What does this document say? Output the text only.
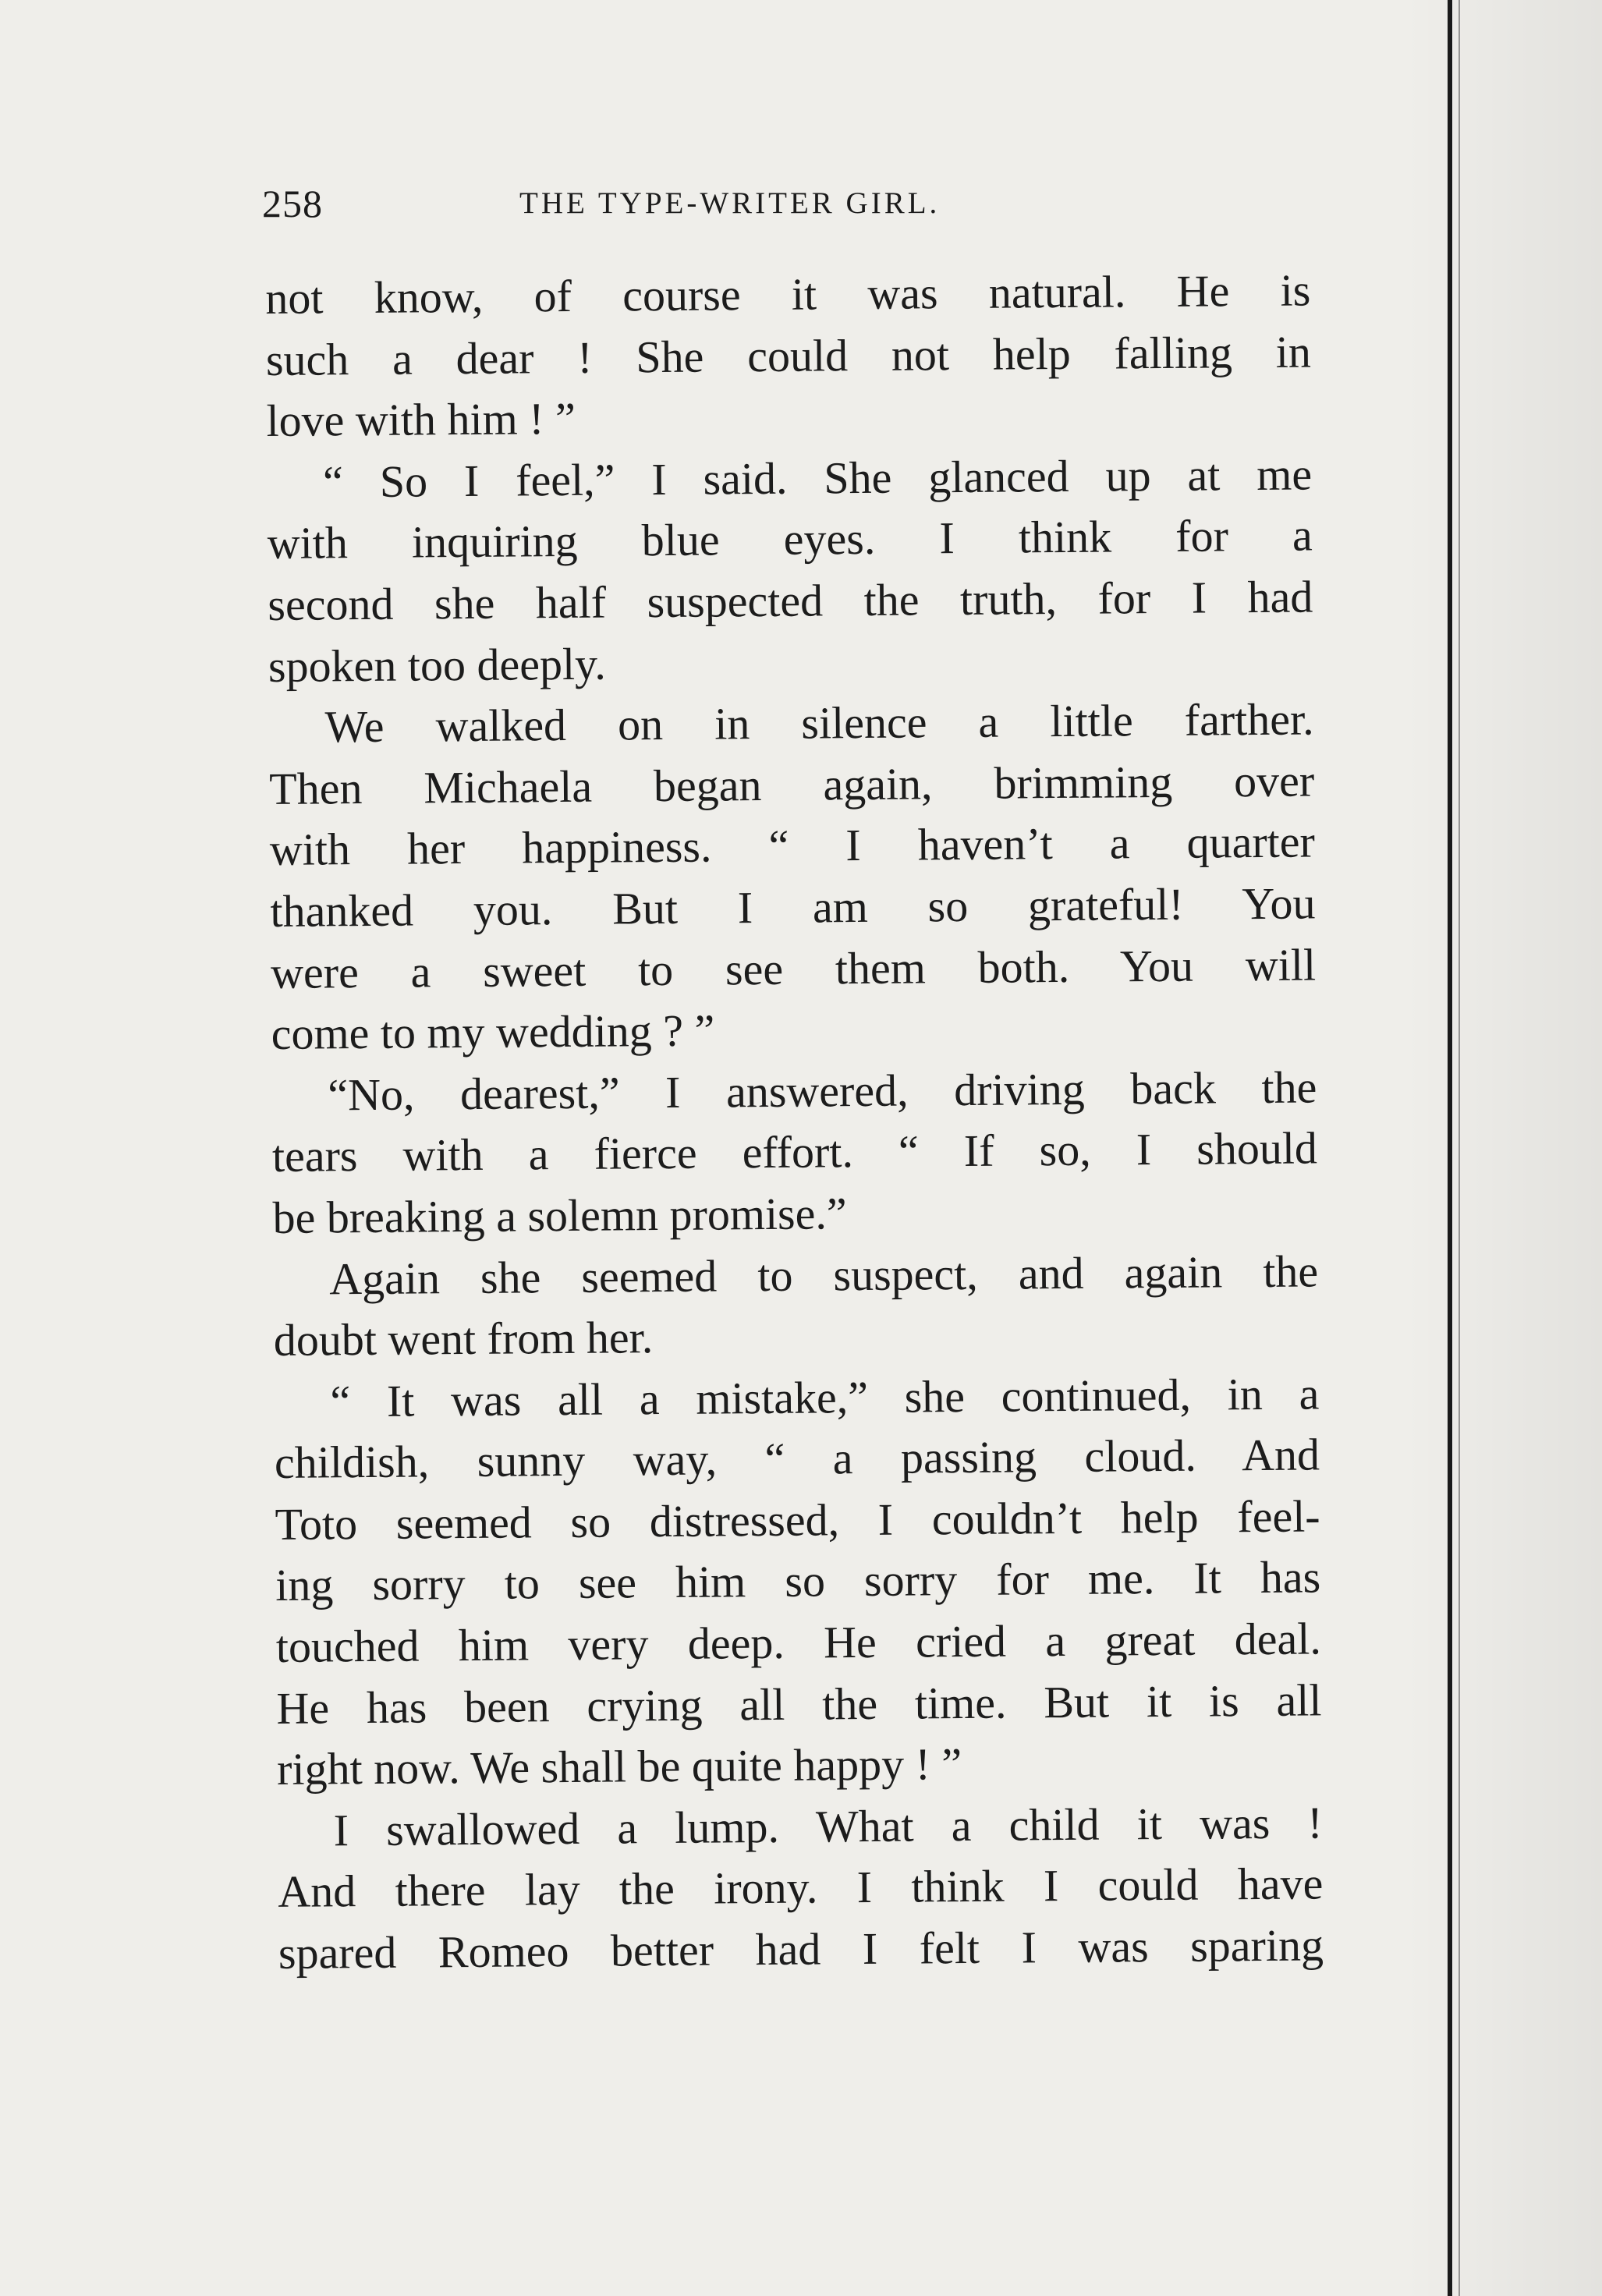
258	THE TYPE-WRITER GIRL.
not know, of course it was natural. He is
such a dear ! She could not help falling in
love with him ! ”
“ So I feel,” I said. She glanced up at me
with inquiring blue eyes. I think for a
second she half suspected the truth, for I had
spoken too deeply.
We walked on in silence a little farther.
Then Michaela began again, brimming over
with her happiness. “ I haven’t a quarter
thanked you. But I am so grateful! You
were a sweet to see them both. You will
come to my wedding ? ”
“No, dearest,” I answered, driving back the
tears with a fierce effort. “ If so, I should
be breaking a solemn promise.”
Again she seemed to suspect, and again the
doubt went from her.
“ It was all a mistake,” she continued, in a
childish, sunny way, “ a passing cloud. And
Toto seemed so distressed, I couldn’t help feel-
ing sorry to see him so sorry for me. It has
touched him very deep. He cried a great deal.
He has been crying all the time. But it is all
right now. We shall be quite happy ! ”
I swallowed a lump. What a child it was !
And there lay the irony. I think I could have
spared Romeo better had I felt I was sparing
